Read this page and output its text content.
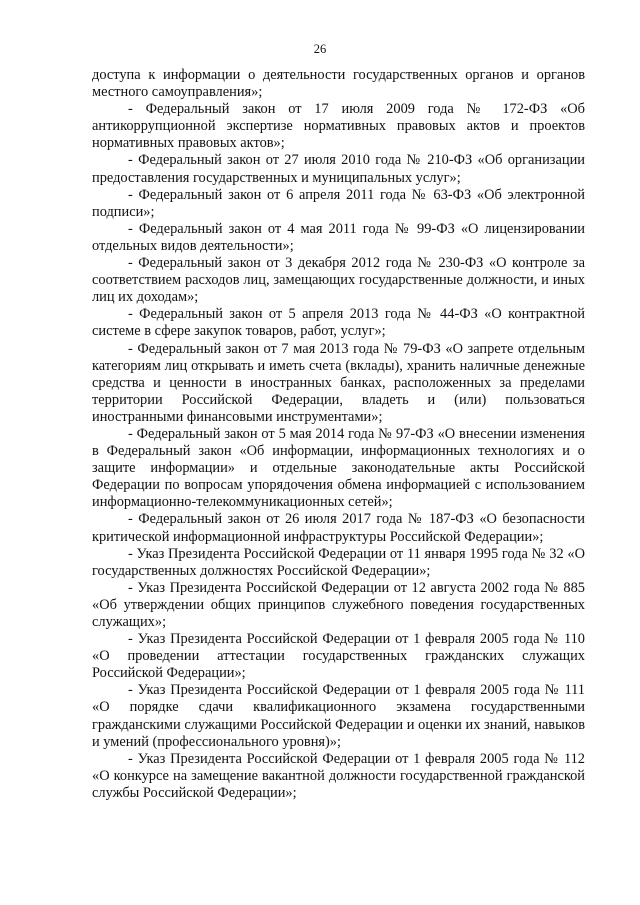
26

доступа к информации о деятельности государственных органов и органов местного самоуправления»;

- Федеральный закон от 17 июля 2009 года № 172-ФЗ «Об антикоррупционной экспертизе нормативных правовых актов и проектов нормативных правовых актов»;

- Федеральный закон от 27 июля 2010 года № 210-ФЗ «Об организации предоставления государственных и муниципальных услуг»;

- Федеральный закон от 6 апреля 2011 года № 63-ФЗ «Об электронной подписи»;

- Федеральный закон от 4 мая 2011 года № 99-ФЗ «О лицензировании отдельных видов деятельности»;

- Федеральный закон от 3 декабря 2012 года № 230-ФЗ «О контроле за соответствием расходов лиц, замещающих государственные должности, и иных лиц их доходам»;

- Федеральный закон от 5 апреля 2013 года № 44-ФЗ «О контрактной системе в сфере закупок товаров, работ, услуг»;

- Федеральный закон от 7 мая 2013 года № 79-ФЗ «О запрете отдельным категориям лиц открывать и иметь счета (вклады), хранить наличные денежные средства и ценности в иностранных банках, расположенных за пределами территории Российской Федерации, владеть и (или) пользоваться иностранными финансовыми инструментами»;

- Федеральный закон от 5 мая 2014 года № 97-ФЗ «О внесении изменения в Федеральный закон «Об информации, информационных технологиях и о защите информации» и отдельные законодательные акты Российской Федерации по вопросам упорядочения обмена информацией с использованием информационно-телекоммуникационных сетей»;

- Федеральный закон от 26 июля 2017 года № 187-ФЗ «О безопасности критической информационной инфраструктуры Российской Федерации»;

- Указ Президента Российской Федерации от 11 января 1995 года № 32 «О государственных должностях Российской Федерации»;

- Указ Президента Российской Федерации от 12 августа 2002 года № 885 «Об утверждении общих принципов служебного поведения государственных служащих»;

- Указ Президента Российской Федерации от 1 февраля 2005 года № 110 «О проведении аттестации государственных гражданских служащих Российской Федерации»;

- Указ Президента Российской Федерации от 1 февраля 2005 года № 111 «О порядке сдачи квалификационного экзамена государственными гражданскими служащими Российской Федерации и оценки их знаний, навыков и умений (профессионального уровня)»;

- Указ Президента Российской Федерации от 1 февраля 2005 года № 112 «О конкурсе на замещение вакантной должности государственной гражданской службы Российской Федерации»;
